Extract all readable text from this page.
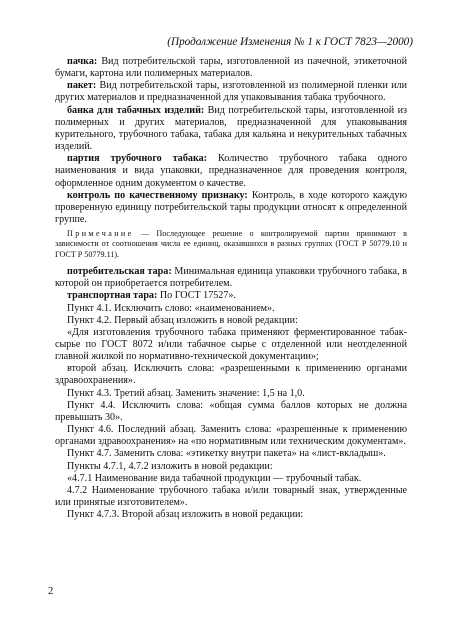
(Продолжение Изменения № 1 к ГОСТ 7823—2000)

пачка: Вид потребительской тары, изготовленной из пачечной, этикеточной бумаги, картона или полимерных материалов.

пакет: Вид потребительской тары, изготовленной из полимерной пленки или других материалов и предназначенной для упаковывания табака трубочного.

банка для табачных изделий: Вид потребительской тары, изготовленной из полимерных и других материалов, предназначенной для упаковывания курительного, трубочного табака, табака для кальяна и некурительных табачных изделий.

партия трубочного табака: Количество трубочного табака одного наименования и вида упаковки, предназначенное для проведения контроля, оформленное одним документом о качестве.

контроль по качественному признаку: Контроль, в ходе которого каждую проверенную единицу потребительской тары продукции относят к определенной группе.

Примечание — Последующее решение о контролируемой партии принимают в зависимости от соотношения числа ее единиц, оказавшихся в разных группах (ГОСТ Р 50779.10 и ГОСТ Р 50779.11).

потребительская тара: Минимальная единица упаковки трубочного табака, в которой он приобретается потребителем.

транспортная тара: По ГОСТ 17527».

Пункт 4.1. Исключить слово: «наименованием».

Пункт 4.2. Первый абзац изложить в новой редакции:

«Для изготовления трубочного табака применяют ферментированное табак-сырье по ГОСТ 8072 и/или табачное сырье с отделенной или неотделенной главной жилкой по нормативно-технической документации»;

второй абзац. Исключить слова: «разрешенными к применению органами здравоохранения».

Пункт 4.3. Третий абзац. Заменить значение: 1,5 на 1,0.

Пункт 4.4. Исключить слова: «общая сумма баллов которых не должна превышать 30».

Пункт 4.6. Последний абзац. Заменить слова: «разрешенные к применению органами здравоохранения» на «по нормативным или техническим документам».

Пункт 4.7. Заменить слова: «этикетку внутри пакета» на «лист-вкладыш».

Пункты 4.7.1, 4.7.2 изложить в новой редакции:

«4.7.1 Наименование вида табачной продукции — трубочный табак.

4.7.2 Наименование трубочного табака и/или товарный знак, утвержденные или принятые изготовителем».

Пункт 4.7.3. Второй абзац изложить в новой редакции:

2
